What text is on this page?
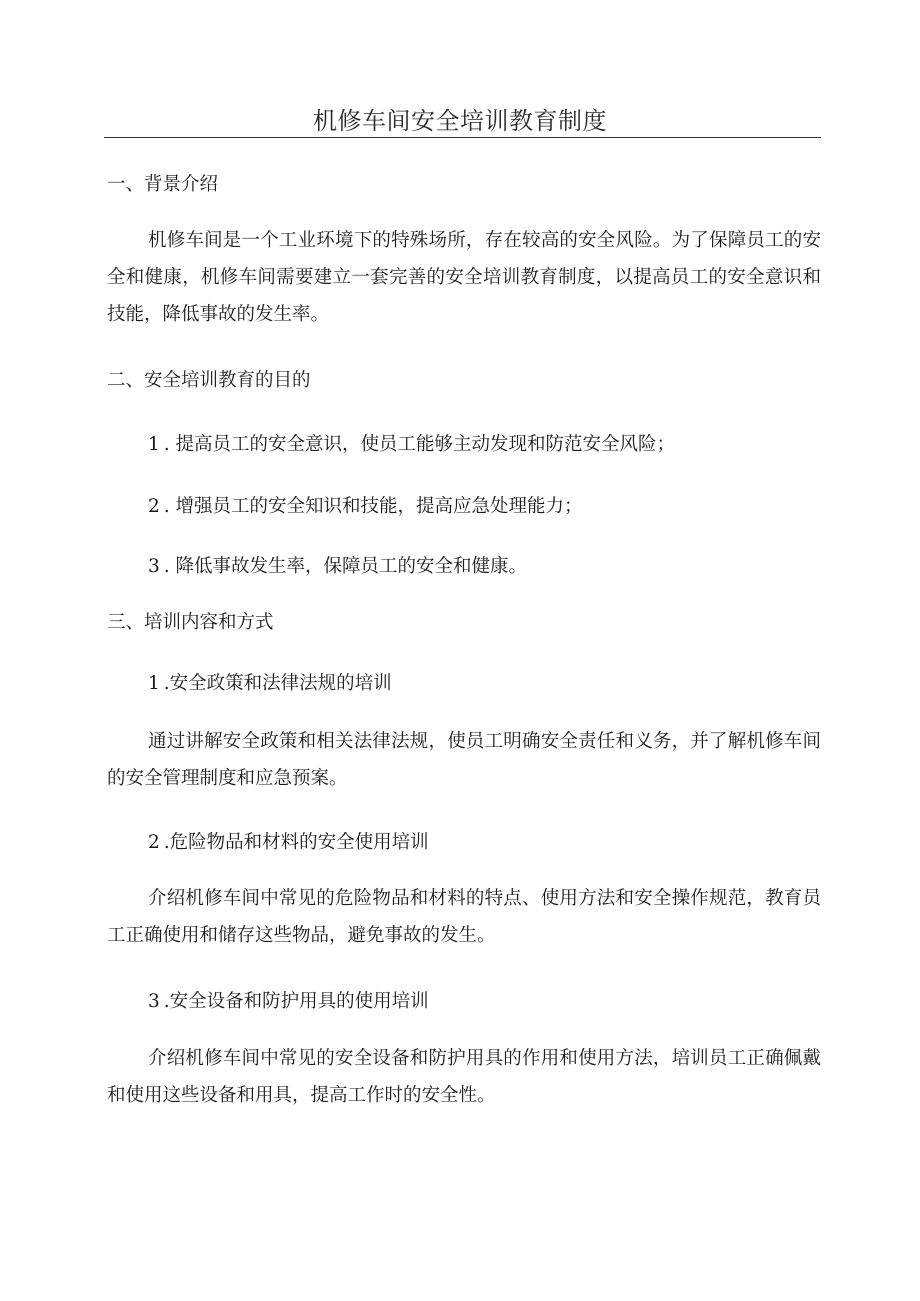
机修车间安全培训教育制度
一、背景介绍
机修车间是一个工业环境下的特殊场所，存在较高的安全风险。为了保障员工的安全和健康，机修车间需要建立一套完善的安全培训教育制度，以提高员工的安全意识和技能，降低事故的发生率。
二、安全培训教育的目的
1 . 提高员工的安全意识，使员工能够主动发现和防范安全风险；
2 . 增强员工的安全知识和技能，提高应急处理能力；
3 . 降低事故发生率，保障员工的安全和健康。
三、培训内容和方式
1 .安全政策和法律法规的培训
通过讲解安全政策和相关法律法规，使员工明确安全责任和义务，并了解机修车间的安全管理制度和应急预案。
2 .危险物品和材料的安全使用培训
介绍机修车间中常见的危险物品和材料的特点、使用方法和安全操作规范，教育员工正确使用和储存这些物品，避免事故的发生。
3 .安全设备和防护用具的使用培训
介绍机修车间中常见的安全设备和防护用具的作用和使用方法，培训员工正确佩戴和使用这些设备和用具，提高工作时的安全性。
